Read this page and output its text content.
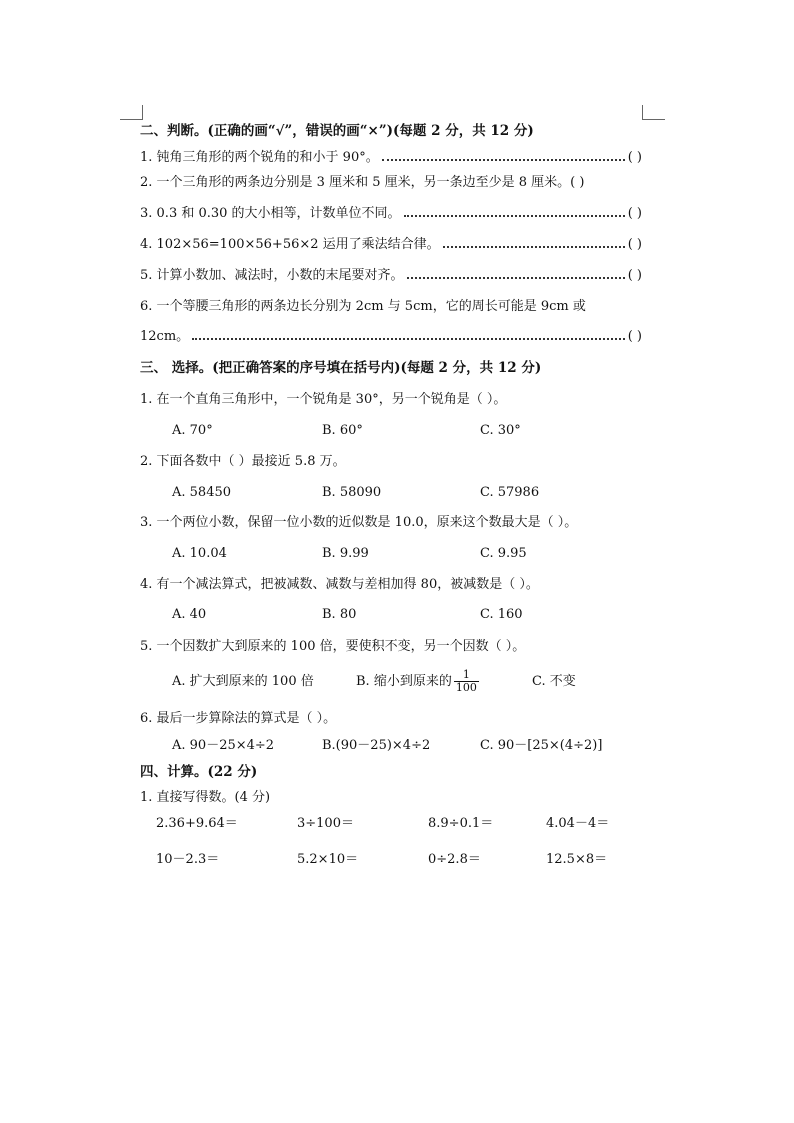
二、判断。(正确的画“√”，错误的画“×”)(每题 2 分，共 12 分)
1. 钝角三角形的两个锐角的和小于 90°。	( )
2. 一个三角形的两条边分别是 3 厘米和 5 厘米，另一条边至少是 8 厘米。 ( )
3. 0.3 和 0.30 的大小相等，计数单位不同。	( )
4. 102×56=100×56+56×2 运用了乘法结合律。	( )
5. 计算小数加、减法时，小数的末尾要对齐。	( )
6. 一个等腰三角形的两条边长分别为 2cm 与 5cm，它的周长可能是 9cm 或
12cm。	( )
三、 选择。(把正确答案的序号填在括号内)(每题 2 分，共 12 分)
1. 在一个直角三角形中，一个锐角是 30°，另一个锐角是（ ）。
A. 70°	B. 60°	C. 30°
2. 下面各数中（ ）最接近 5.8 万。
A. 58450	B. 58090	C. 57986
3. 一个两位小数，保留一位小数的近似数是 10.0，原来这个数最大是（ ）。
A. 10.04	B. 9.99	C. 9.95
4. 有一个减法算式，把被减数、减数与差相加得 80，被减数是（ ）。
A. 40	B. 80	C. 160
5. 一个因数扩大到原来的 100 倍，要使积不变，另一个因数（ ）。
A. 扩大到原来的 100 倍	B. 缩小到原来的 $\frac{1}{100}$	C. 不变
6. 最后一步算除法的算式是（ ）。
A. 90－25×4÷2	B.(90－25)×4÷2	C. 90－[25×(4÷2)]
四、计算。(22 分)
1. 直接写得数。(4 分)
2.36+9.64＝	3÷100＝	8.9÷0.1＝	4.04－4＝
10－2.3＝	5.2×10＝	0÷2.8＝	12.5×8＝
